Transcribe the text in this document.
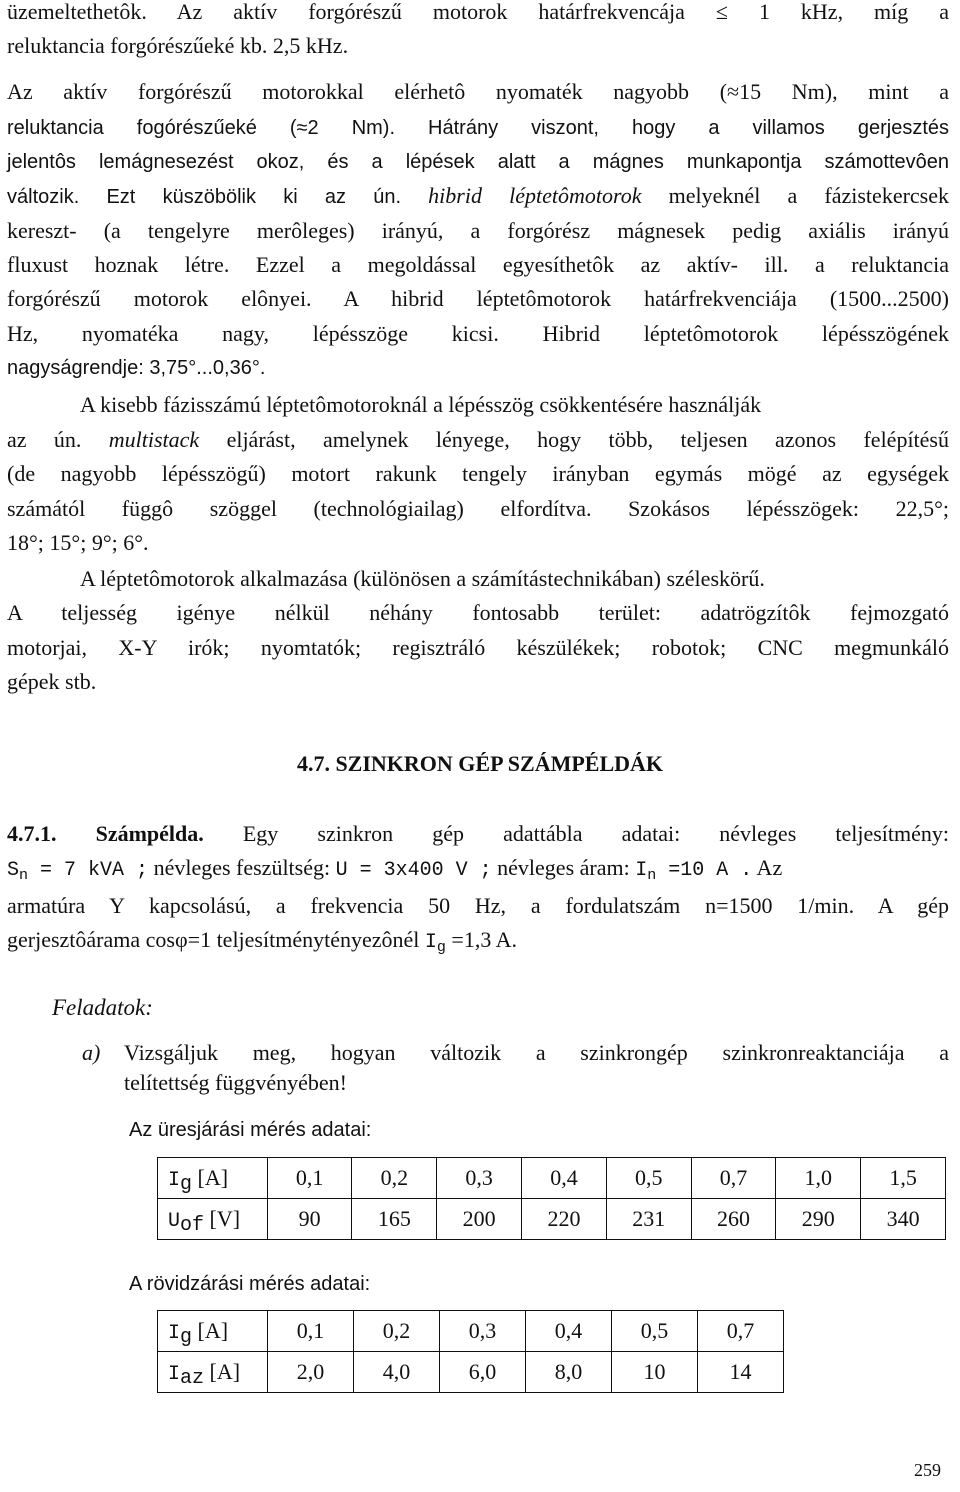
üzemeltethetôk. Az aktív forgórészű motorok határfrekvencája ≤ 1 kHz, míg a
reluktancia forgórészűeké kb. 2,5 kHz.
Az aktív forgórészű motorokkal elérhetô nyomaték nagyobb (≈15 Nm), mint a
reluktancia fogórészűeké (≈2 Nm). Hátrány viszont, hogy a villamos gerjesztés
jelentôs lemágnesezést okoz, és a lépések alatt a mágnes munkapontja számottevôen
változik. Ezt küszöbölik ki az ún. hibrid léptetômotorok melyeknél a fázistekercsek
kereszt- (a tengelyre merôleges) irányú, a forgórész mágnesek pedig axiális irányú
fluxust hoznak létre. Ezzel a megoldással egyesíthetôk az aktív- ill. a reluktancia
forgórészű motorok elônyei. A hibrid léptetômotorok határfrekvenciája (1500...2500)
Hz, nyomatéka nagy, lépésszöge kicsi. Hibrid léptetômotorok lépésszögének
nagyságrendje: 3,75°...0,36°.
A kisebb fázisszámú léptetômotoroknál a lépésszög csökkentésére használják
az ún. multistack eljárást, amelynek lényege, hogy több, teljesen azonos felépítésű
(de nagyobb lépésszögű) motort rakunk tengely irányban egymás mögé az egységek
számától függô szöggel (technológiailag) elfordítva. Szokásos lépésszögek: 22,5°;
18°; 15°; 9°; 6°.
A léptetômotorok alkalmazása (különösen a számítástechnikában) széleskörű.
A teljesség igénye nélkül néhány fontosabb terület: adatrögzítôk fejmozgató
motorjai, X-Y irók; nyomtatók; regisztráló készülékek; robotok; CNC megmunkáló
gépek stb.
4.7. SZINKRON GÉP SZÁMPÉLDÁK
4.7.1. Számpélda. Egy szinkron gép adattábla adatai: névleges teljesítmény:
$S_n = 7$ kVA ; névleges feszültség: U = 3x400 V ; névleges áram: $I_n =10$ A . Az
armatúra Y kapcsolású, a frekvencia 50 Hz, a fordulatszám n=1500 1/min. A gép
gerjesztôárama cosφ=1 teljesítménytényezônél $I_g =1,3$ A.
Feladatok:
a) Vizsgáljuk meg, hogyan változik a szinkrongép szinkronreaktanciája a
telítettség függvényében!
Az üresjárási mérés adatai:
$I_g$ [A]	0,1	0,2	0,3	0,4	0,5	0,7	1,0	1,5
$U_{of}$ [V]	90	165	200	220	231	260	290	340
A rövidzárási mérés adatai:
$I_g$ [A]	0,1	0,2	0,3	0,4	0,5	0,7
$I_{az}$ [A]	2,0	4,0	6,0	8,0	10	14
259
